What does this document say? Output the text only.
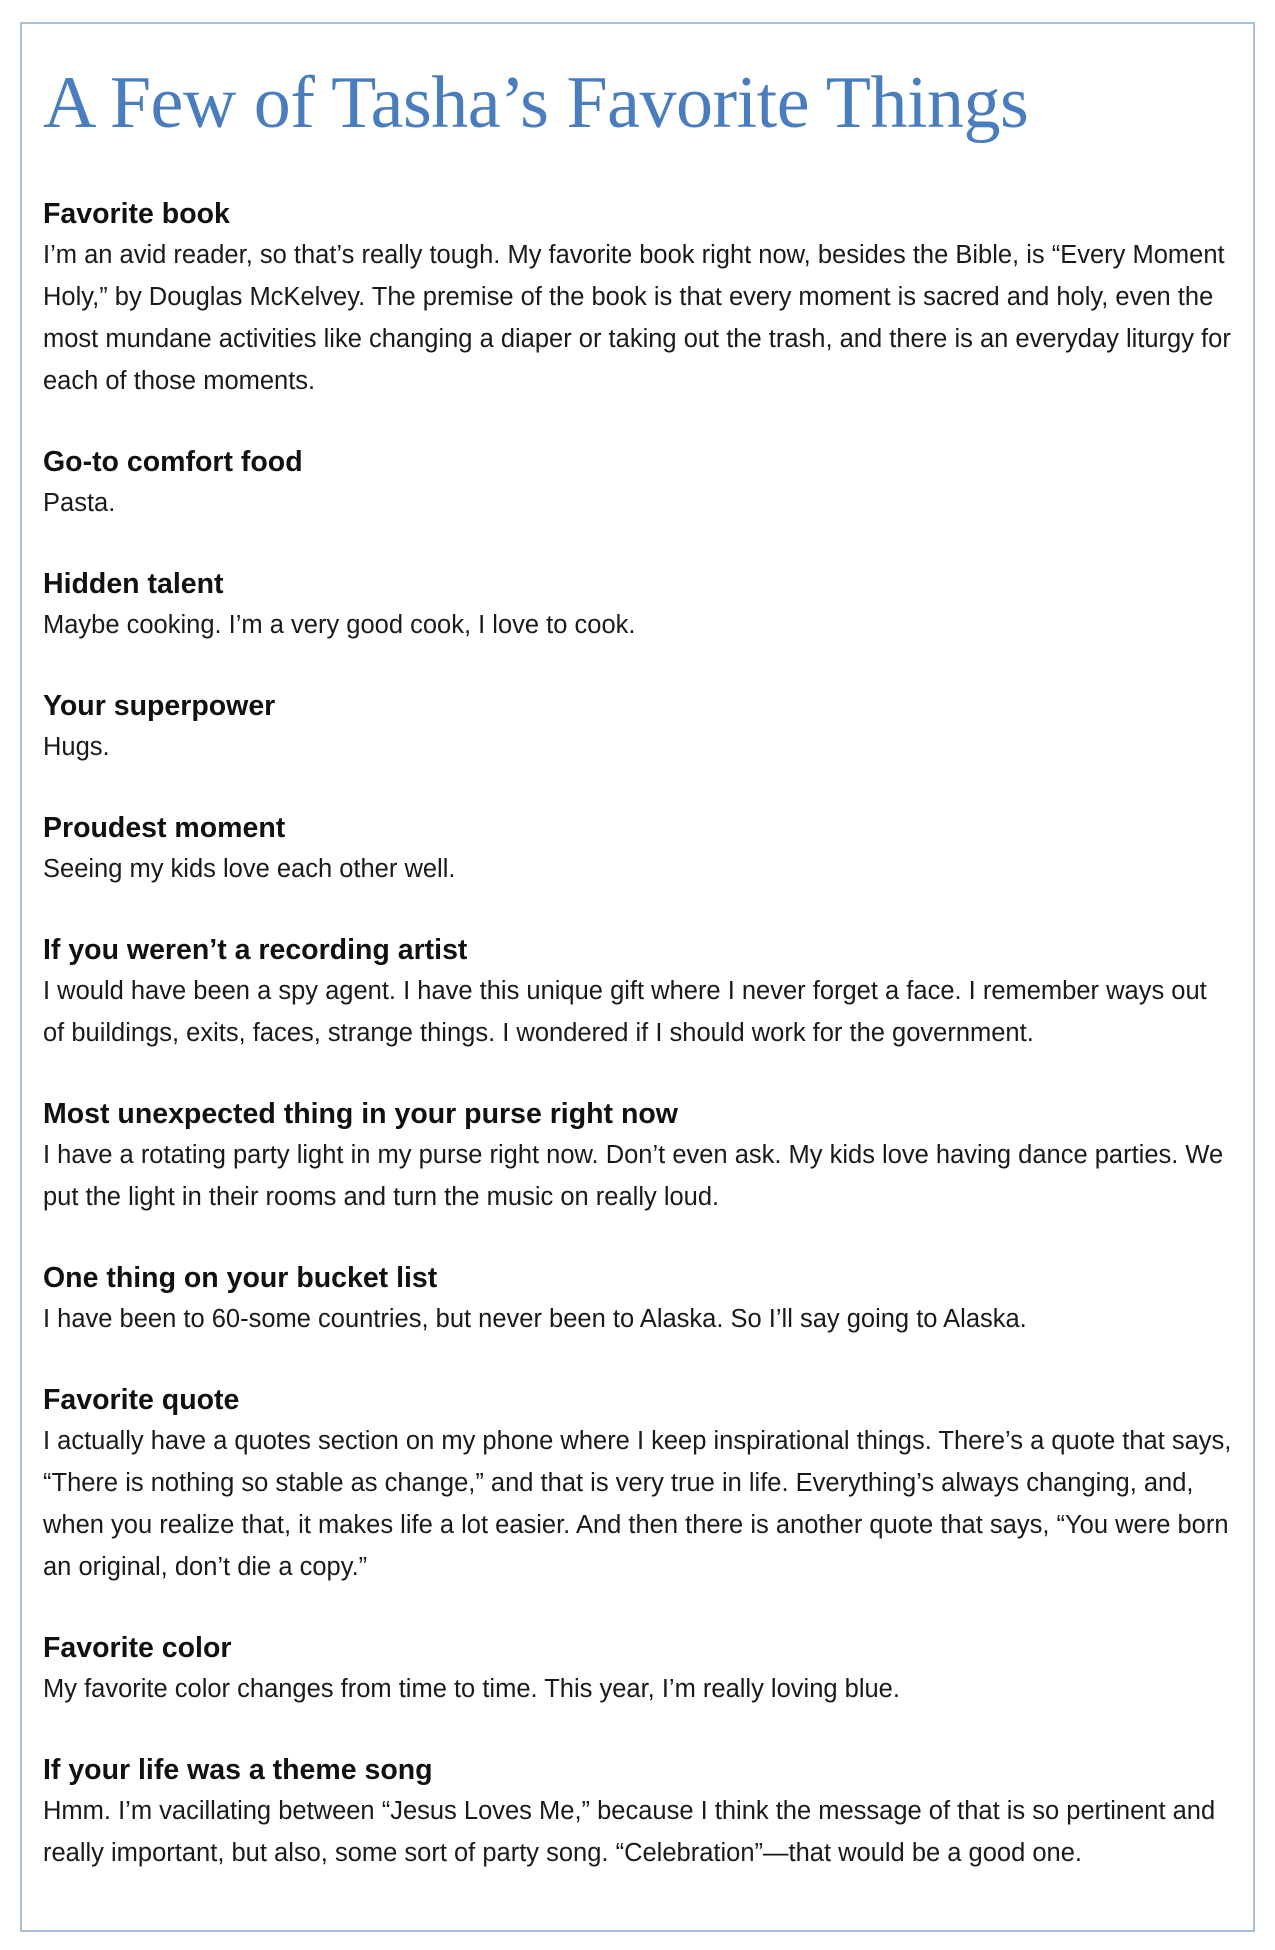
A Few of Tasha’s Favorite Things

Favorite book

I’m an avid reader, so that’s really tough. My favorite book right now, besides the Bible, is “Every Moment Holy,” by Douglas McKelvey. The premise of the book is that every moment is sacred and holy, even the most mundane activities like changing a diaper or taking out the trash, and there is an everyday liturgy for each of those moments.

Go-to comfort food

Pasta.

Hidden talent

Maybe cooking. I’m a very good cook, I love to cook.

Your superpower

Hugs.

Proudest moment

Seeing my kids love each other well.

If you weren’t a recording artist

I would have been a spy agent. I have this unique gift where I never forget a face. I remember ways out of buildings, exits, faces, strange things. I wondered if I should work for the government.

Most unexpected thing in your purse right now

I have a rotating party light in my purse right now. Don’t even ask. My kids love having dance parties. We put the light in their rooms and turn the music on really loud.

One thing on your bucket list

I have been to 60-some countries, but never been to Alaska. So I’ll say going to Alaska.

Favorite quote

I actually have a quotes section on my phone where I keep inspirational things. There’s a quote that says, “There is nothing so stable as change,” and that is very true in life. Everything’s always changing, and, when you realize that, it makes life a lot easier. And then there is another quote that says, “You were born an original, don’t die a copy.”

Favorite color

My favorite color changes from time to time. This year, I’m really loving blue.

If your life was a theme song

Hmm. I’m vacillating between “Jesus Loves Me,” because I think the message of that is so pertinent and really important, but also, some sort of party song. “Celebration”—that would be a good one.
